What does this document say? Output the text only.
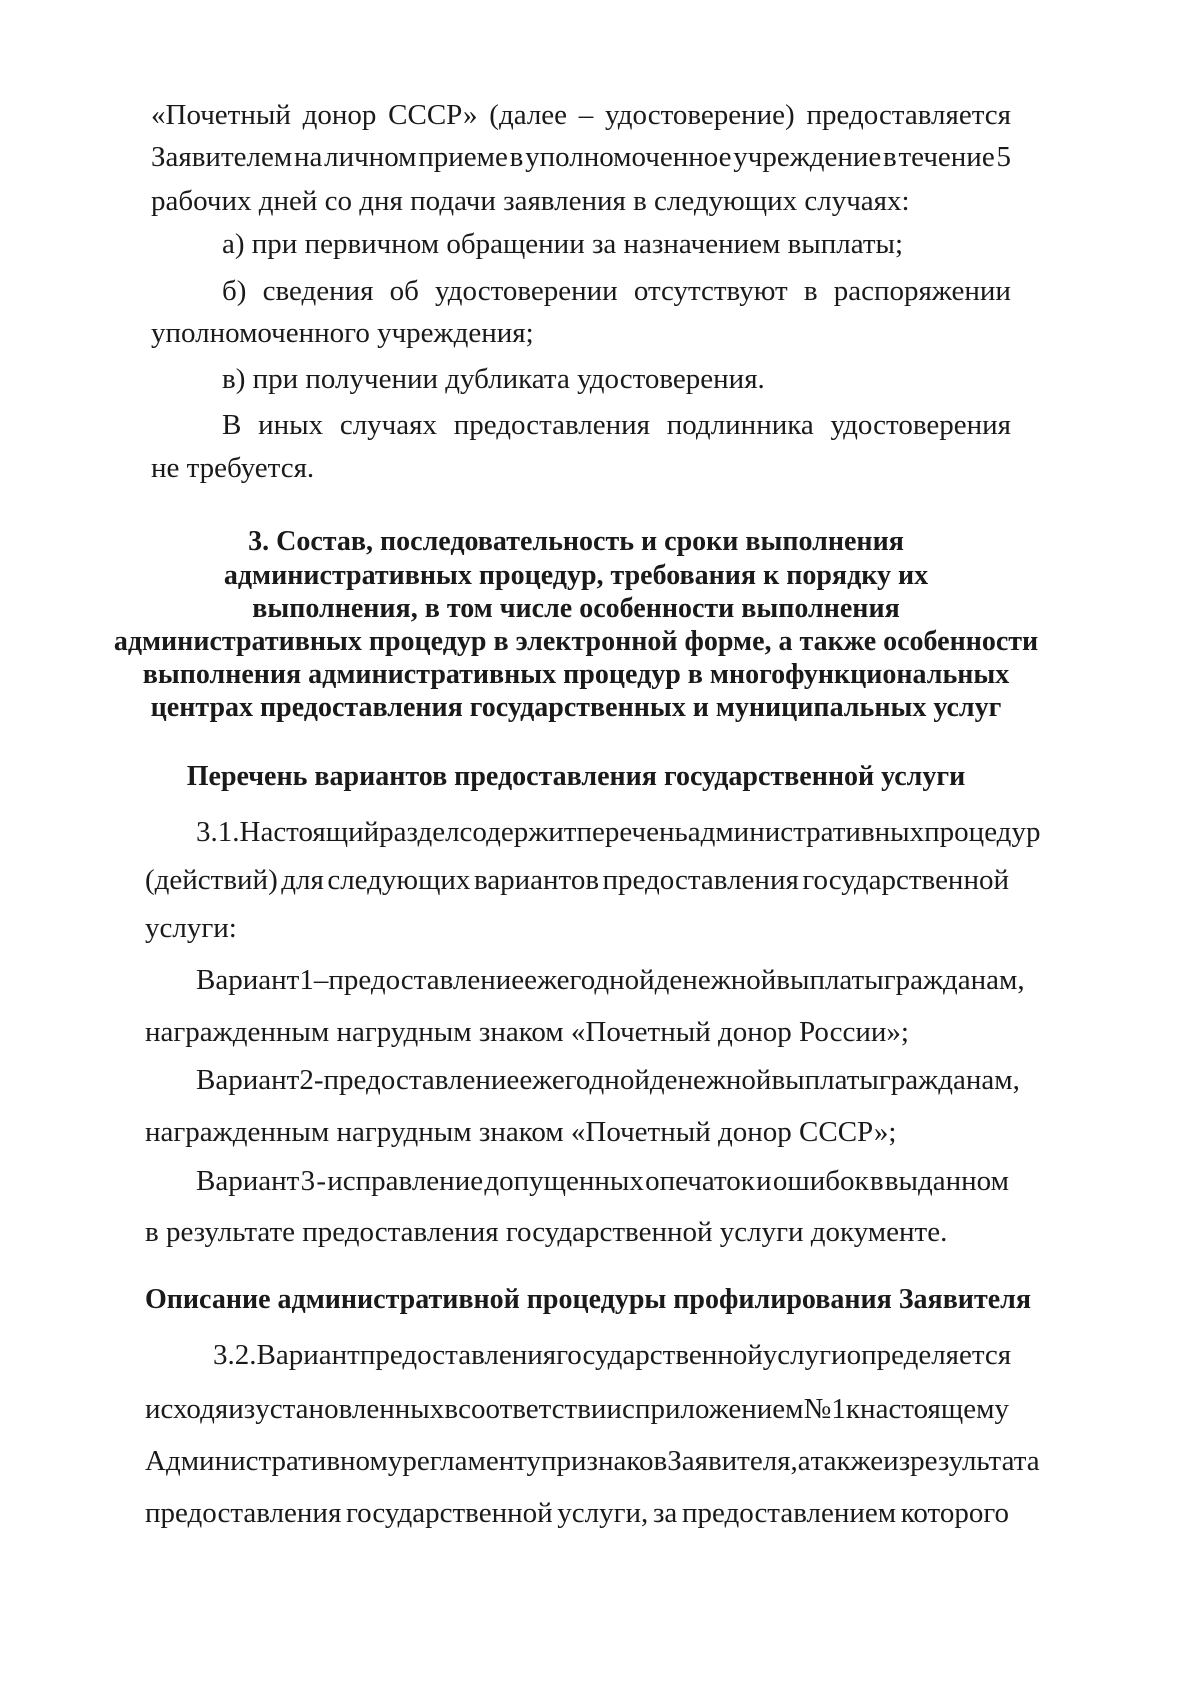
«Почетный донор СССР» (далее – удостоверение) предоставляется
Заявителем на личном приеме в уполномоченное учреждение в течение 5
рабочих дней со дня подачи заявления в следующих случаях:
а) при первичном обращении за назначением выплаты;
б) сведения об удостоверении отсутствуют в распоряжении
уполномоченного учреждения;
в) при получении дубликата удостоверения.
В иных случаях предоставления подлинника удостоверения
не требуется.
3. Состав, последовательность и сроки выполнения
административных процедур, требования к порядку их
выполнения, в том числе особенности выполнения
административных процедур в электронной форме, а также особенности
выполнения административных процедур в многофункциональных
центрах предоставления государственных и муниципальных услуг
Перечень вариантов предоставления государственной услуги
3.1. Настоящий раздел содержит перечень административных процедур
(действий) для следующих вариантов предоставления государственной
услуги:
Вариант 1 – предоставление ежегодной денежной выплаты гражданам,
награжденным нагрудным знаком «Почетный донор России»;
Вариант 2 - предоставление ежегодной денежной выплаты гражданам,
награжденным нагрудным знаком «Почетный донор СССР»;
Вариант 3 - исправление допущенных опечаток и ошибок в выданном
в результате предоставления государственной услуги документе.
Описание административной процедуры профилирования Заявителя
3.2. Вариант предоставления государственной услуги определяется
исходя из установленных в соответствии с приложением № 1 к настоящему
Административному регламенту признаков Заявителя, а также из результата
предоставления государственной услуги, за предоставлением которого
